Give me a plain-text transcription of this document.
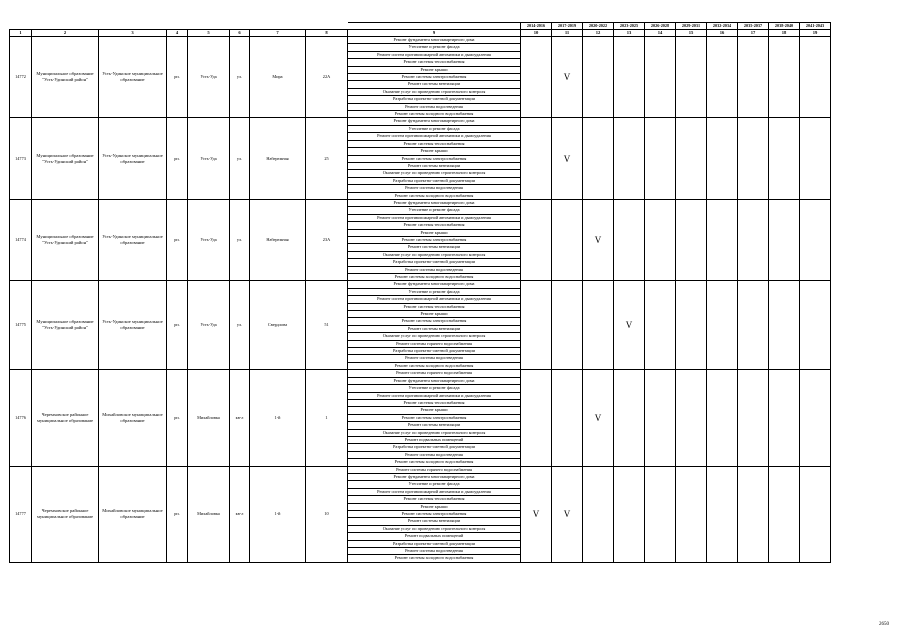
									2014-2016	2017-2019	2020-2022	2023-2025	2026-2028	2029-2031	2032-2034	2035-2037	2038-2040	2041-2043
1	2	3	4	5	6	7	8	9	10	11	12	13	14	15	16	17	18	19
14772	Муниципальное образование "Усть-Удинский район"	Усть-Удинское муниципальное образование	рп.	Усть-Уда	ул.	Мира	22А	Ремонт фундамента многоквартирного дома		V								
								Утепление и ремонт фасада										
								Ремонт систем противопожарной автоматики и дымоудаления										
								Ремонт системы теплоснабжения										
								Ремонт крыши										
								Ремонт системы электроснабжения										
								Ремонт системы вентиляции										
								Оказание услуг по проведению строительного контроля										
								Разработка проектно-сметной документации										
								Ремонт системы водоотведения										
								Ремонт системы холодного водоснабжения										
14773	Муниципальное образование "Усть-Удинский район"	Усть-Удинское муниципальное образование	рп.	Усть-Уда	ул.	Набережная	25	Ремонт фундамента многоквартирного дома		V								
								Утепление и ремонт фасада										
								Ремонт систем противопожарной автоматики и дымоудаления										
								Ремонт системы теплоснабжения										
								Ремонт крыши										
								Ремонт системы электроснабжения										
								Ремонт системы вентиляции										
								Оказание услуг по проведению строительного контроля										
								Разработка проектно-сметной документации										
								Ремонт системы водоотведения										
								Ремонт системы холодного водоснабжения										
14774	Муниципальное образование "Усть-Удинский район"	Усть-Удинское муниципальное образование	рп.	Усть-Уда	ул.	Набережная	23А	Ремонт фундамента многоквартирного дома			V							
								Утепление и ремонт фасада										
								Ремонт систем противопожарной автоматики и дымоудаления										
								Ремонт системы теплоснабжения										
								Ремонт крыши										
								Ремонт системы электроснабжения										
								Ремонт системы вентиляции										
								Оказание услуг по проведению строительного контроля										
								Разработка проектно-сметной документации										
								Ремонт системы водоотведения										
								Ремонт системы холодного водоснабжения										
14775	Муниципальное образование "Усть-Удинский район"	Усть-Удинское муниципальное образование	рп.	Усть-Уда	ул.	Свердлова	51	Ремонт фундамента многоквартирного дома				V						
								Утепление и ремонт фасада										
								Ремонт систем противопожарной автоматики и дымоудаления										
								Ремонт системы теплоснабжения										
								Ремонт крыши										
								Ремонт системы электроснабжения										
								Ремонт системы вентиляции										
								Оказание услуг по проведению строительного контроля										
								Ремонт системы горячего водоснабжения										
								Разработка проектно-сметной документации										
								Ремонт системы водоотведения										
								Ремонт системы холодного водоснабжения										
14776	Черемховское районное муниципальное образование	Михайловское муниципальное образование	рп.	Михайловка	кв-л	1-й	1	Ремонт системы горячего водоснабжения			V							
								Ремонт фундамента многоквартирного дома										
								Утепление и ремонт фасада										
								Ремонт систем противопожарной автоматики и дымоудаления										
								Ремонт системы теплоснабжения										
								Ремонт крыши										
								Ремонт системы электроснабжения										
								Ремонт системы вентиляции										
								Оказание услуг по проведению строительного контроля										
								Ремонт подвальных помещений										
								Разработка проектно-сметной документации										
								Ремонт системы водоотведения										
								Ремонт системы холодного водоснабжения										
14777	Черемховское районное муниципальное образование	Михайловское муниципальное образование	рп.	Михайловка	кв-л	1-й	10	Ремонт системы горячего водоснабжения	V	V								
								Ремонт фундамента многоквартирного дома										
								Утепление и ремонт фасада										
								Ремонт систем противопожарной автоматики и дымоудаления										
								Ремонт системы теплоснабжения										
								Ремонт крыши										
								Ремонт системы электроснабжения										
								Ремонт системы вентиляции										
								Оказание услуг по проведению строительного контроля										
								Ремонт подвальных помещений										
								Разработка проектно-сметной документации										
								Ремонт системы водоотведения										
								Ремонт системы холодного водоснабжения										
2650
